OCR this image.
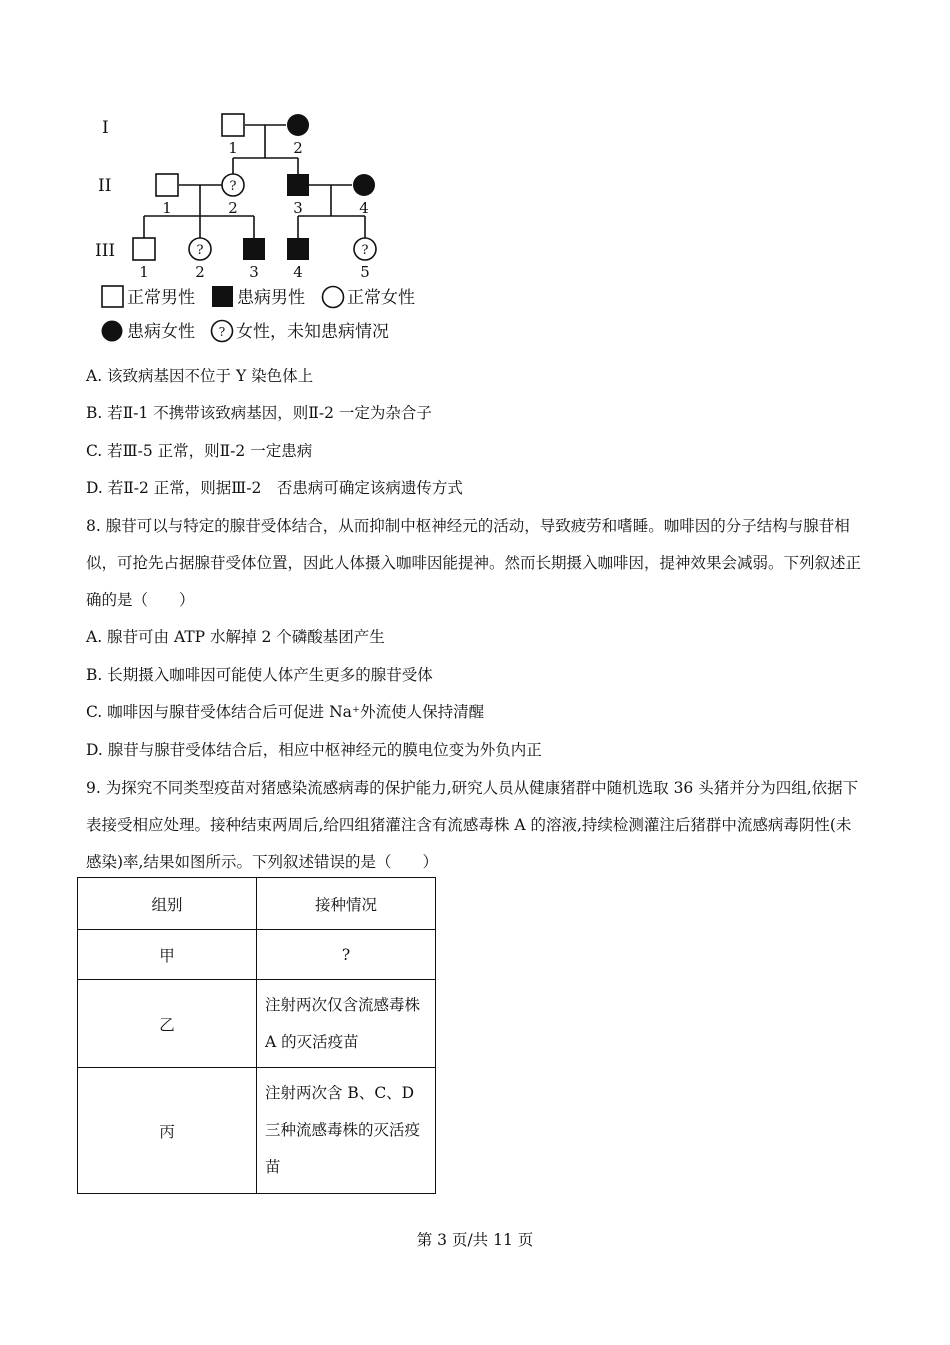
I
II
III
?
?	?
1	2
1	2	3	4
1	2	3 4	5
正常男性 患病男性 正常女性
患病女性 ? 女性，未知患病情况
A. 该致病基因不位于 Y 染色体上
B. 若Ⅱ-1 不携带该致病基因，则Ⅱ-2 一定为杂合子
C. 若Ⅲ-5 正常，则Ⅱ-2 一定患病
D. 若Ⅱ-2 正常，则据Ⅲ-2　否患病可确定该病遗传方式
8. 腺苷可以与特定的腺苷受体结合，从而抑制中枢神经元的活动，导致疲劳和嗜睡。咖啡因的分子结构与腺苷相似，可抢先占据腺苷受体位置，因此人体摄入咖啡因能提神。然而长期摄入咖啡因，提神效果会减弱。下列叙述正确的是（　　）
A. 腺苷可由 ATP 水解掉 2 个磷酸基团产生
B. 长期摄入咖啡因可能使人体产生更多的腺苷受体
C. 咖啡因与腺苷受体结合后可促进 Na⁺外流使人保持清醒
D. 腺苷与腺苷受体结合后，相应中枢神经元的膜电位变为外负内正
9. 为探究不同类型疫苗对猪感染流感病毒的保护能力,研究人员从健康猪群中随机选取 36 头猪并分为四组,依据下表接受相应处理。接种结束两周后,给四组猪灌注含有流感毒株 A 的溶液,持续检测灌注后猪群中流感病毒阴性(未感染)率,结果如图所示。下列叙述错误的是（　　）
组别	接种情况
甲	?
乙	注射两次仅含流感毒株 A 的灭活疫苗
丙	注射两次含 B、C、D 三种流感毒株的灭活疫苗
第 3 页/共 11 页
